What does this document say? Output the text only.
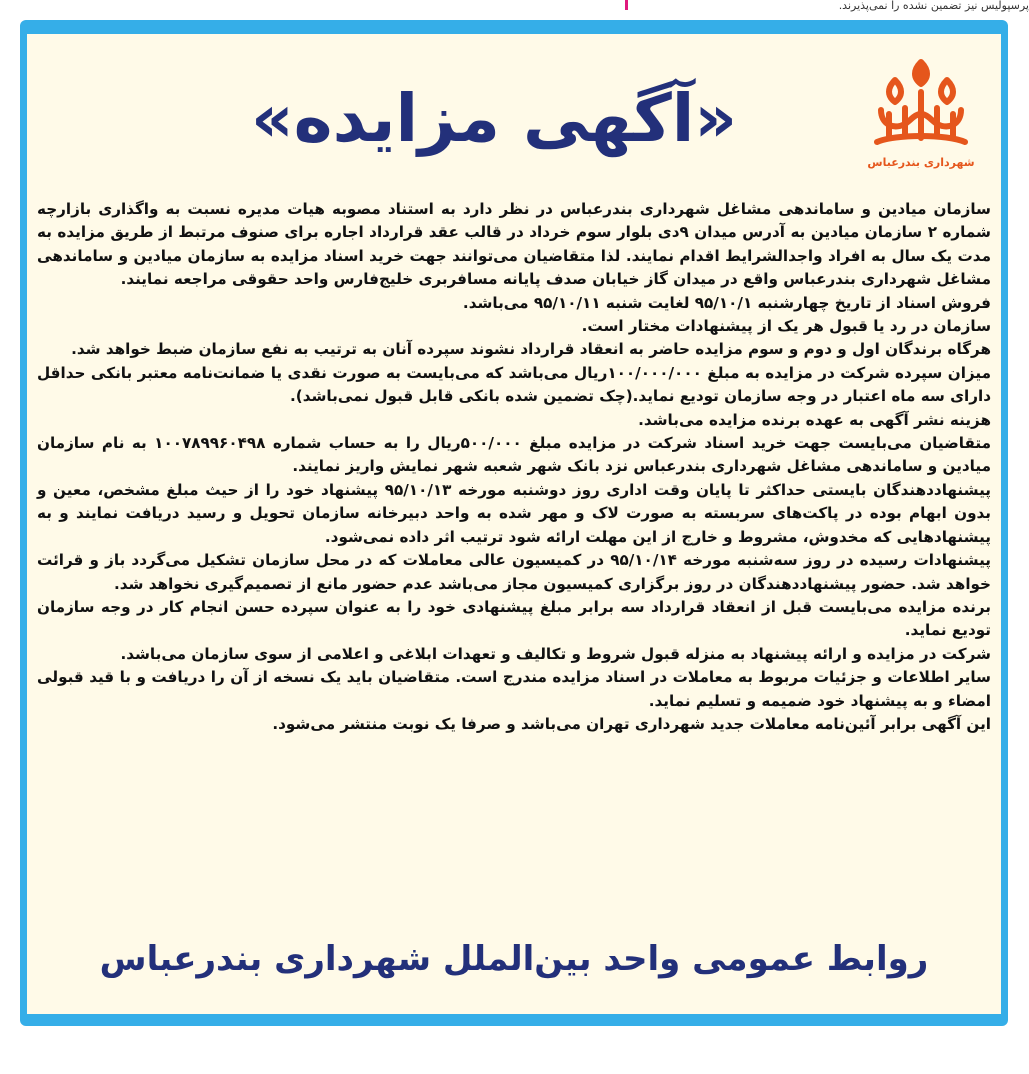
پرسپولیس نیز تضمین نشده را نمی‌پذیرند.
شهرداری بندرعباس
«آگهی مزایده»

سازمان میادین و ساماندهی مشاغل شهرداری بندرعباس در نظر دارد به استناد مصوبه هیات مدیره نسبت به واگذاری بازارچه شماره ۲ سازمان میادین به آدرس میدان ۹دی بلوار سوم خرداد در قالب عقد قرارداد اجاره برای صنوف مرتبط از طریق مزایده به مدت یک سال به افراد واجدالشرایط اقدام نمایند. لذا متقاضیان می‌توانند جهت خرید اسناد مزایده به سازمان میادین و ساماندهی مشاغل شهرداری بندرعباس واقع در میدان گاز خیابان صدف پایانه مسافربری خلیج‌فارس واحد حقوقی مراجعه نمایند.

فروش اسناد از تاریخ چهارشنبه ۹۵/۱۰/۱ لغایت شنبه ۹۵/۱۰/۱۱ می‌باشد.

سازمان در رد یا قبول هر یک از پیشنهادات مختار است.

هرگاه برندگان اول و دوم و سوم مزایده حاضر به انعقاد قرارداد نشوند سپرده آنان به ترتیب به نفع سازمان ضبط خواهد شد.

میزان سپرده شرکت در مزایده به مبلغ ۱۰۰/۰۰۰/۰۰۰ریال می‌باشد که می‌بایست به صورت نقدی یا ضمانت‌نامه معتبر بانکی حداقل دارای سه ماه اعتبار در وجه سازمان تودیع نماید.(چک تضمین شده بانکی قابل قبول نمی‌باشد).

هزینه نشر آگهی به عهده برنده مزایده می‌باشد.

متقاضیان می‌بایست جهت خرید اسناد شرکت در مزایده مبلغ ۵۰۰/۰۰۰ریال را به حساب شماره ۱۰۰۷۸۹۹۶۰۴۹۸ به نام سازمان میادین و ساماندهی مشاغل شهرداری بندرعباس نزد بانک شهر شعبه شهر نمایش واریز نمایند.

پیشنهاددهندگان بایستی حداکثر تا پایان وقت اداری روز دوشنبه مورخه ۹۵/۱۰/۱۳ پیشنهاد خود را از حیث مبلغ مشخص، معین و بدون ابهام بوده در پاکت‌های سربسته به صورت لاک و مهر شده به واحد دبیرخانه سازمان تحویل و رسید دریافت نمایند و به پیشنهادهایی که مخدوش، مشروط و خارج از این مهلت ارائه شود ترتیب اثر داده نمی‌شود.

پیشنهادات رسیده در روز سه‌شنبه مورخه ۹۵/۱۰/۱۴ در کمیسیون عالی معاملات که در محل سازمان تشکیل می‌گردد باز و قرائت خواهد شد. حضور پیشنهاددهندگان در روز برگزاری کمیسیون مجاز می‌باشد عدم حضور مانع از تصمیم‌گیری نخواهد شد.

برنده مزایده می‌بایست قبل از انعقاد قرارداد سه برابر مبلغ پیشنهادی خود را به عنوان سپرده حسن انجام کار در وجه سازمان تودیع نماید.

شرکت در مزایده و ارائه پیشنهاد به منزله قبول شروط و تکالیف و تعهدات ابلاغی و اعلامی از سوی سازمان می‌باشد.

سایر اطلاعات و جزئیات مربوط به معاملات در اسناد مزایده مندرج است. متقاضیان باید یک نسخه از آن را دریافت و با قید قبولی امضاء و به پیشنهاد خود ضمیمه و تسلیم نماید.

این آگهی برابر آئین‌نامه معاملات جدید شهرداری تهران می‌باشد و صرفا یک نوبت منتشر می‌شود.

روابط عمومی واحد بین‌الملل شهرداری بندرعباس
